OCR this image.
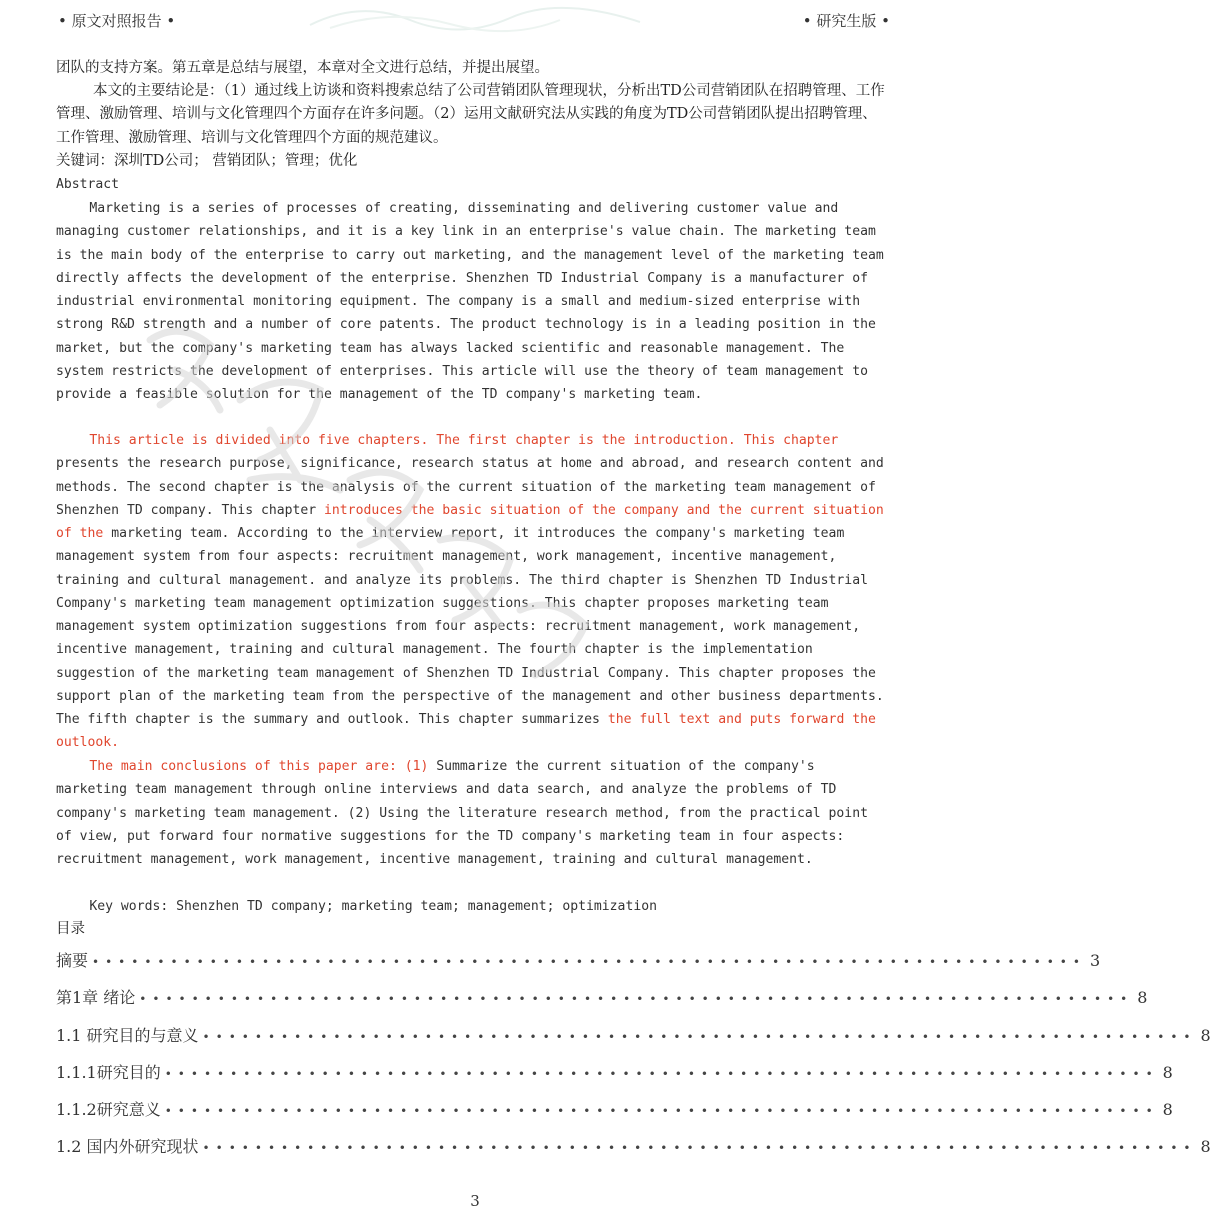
• 原文对照报告 •	• 研究生版 •

团队的支持方案。第五章是总结与展望，本章对全文进行总结，并提出展望。

本文的主要结论是：（1）通过线上访谈和资料搜索总结了公司营销团队管理现状，分析出TD公司营销团队在招聘管理、工作管理、激励管理、培训与文化管理四个方面存在许多问题。（2）运用文献研究法从实践的角度为TD公司营销团队提出招聘管理、工作管理、激励管理、培训与文化管理四个方面的规范建议。

关键词：深圳TD公司； 营销团队；管理；优化

Abstract

Marketing is a series of processes of creating, disseminating and delivering customer value and managing customer relationships, and it is a key link in an enterprise's value chain. The marketing team is the main body of the enterprise to carry out marketing, and the management level of the marketing team directly affects the development of the enterprise. Shenzhen TD Industrial Company is a manufacturer of industrial environmental monitoring equipment. The company is a small and medium-sized enterprise with strong R&D strength and a number of core patents. The product technology is in a leading position in the market, but the company's marketing team has always lacked scientific and reasonable management. The system restricts the development of enterprises. This article will use the theory of team management to provide a feasible solution for the management of the TD company's marketing team.

This article is divided into five chapters. The first chapter is the introduction. This chapter presents the research purpose, significance, research status at home and abroad, and research content and methods. The second chapter is the analysis of the current situation of the marketing team management of Shenzhen TD company. This chapter introduces the basic situation of the company and the current situation of the marketing team. According to the interview report, it introduces the company's marketing team management system from four aspects: recruitment management, work management, incentive management, training and cultural management. and analyze its problems. The third chapter is Shenzhen TD Industrial Company's marketing team management optimization suggestions. This chapter proposes marketing team management system optimization suggestions from four aspects: recruitment management, work management, incentive management, training and cultural management. The fourth chapter is the implementation suggestion of the marketing team management of Shenzhen TD Industrial Company. This chapter proposes the support plan of the marketing team from the perspective of the management and other business departments. The fifth chapter is the summary and outlook. This chapter summarizes the full text and puts forward the outlook.

The main conclusions of this paper are: (1) Summarize the current situation of the company's marketing team management through online interviews and data search, and analyze the problems of TD company's marketing team management. (2) Using the literature research method, from the practical point of view, put forward four normative suggestions for the TD company's marketing team in four aspects: recruitment management, work management, incentive management, training and cultural management.

Key words: Shenzhen TD company; marketing team; management; optimization

目录

摘要 •••••••••••••••••••••••••••••••••••••••••••••••••••••••••••••••••••••••••••• 3
第1章 绪论 •••••••••••••••••••••••••••••••••••••••••••••••••••••••••••••••••••••••••••• 8
1.1 研究目的与意义 •••••••••••••••••••••••••••••••••••••••••••••••••••••••••••••••••••••••••••• 8
1.1.1研究目的 •••••••••••••••••••••••••••••••••••••••••••••••••••••••••••••••••••••••••••• 8
1.1.2研究意义 •••••••••••••••••••••••••••••••••••••••••••••••••••••••••••••••••••••••••••• 8
1.2 国内外研究现状 •••••••••••••••••••••••••••••••••••••••••••••••••••••••••••••••••••••••••••• 8
3
